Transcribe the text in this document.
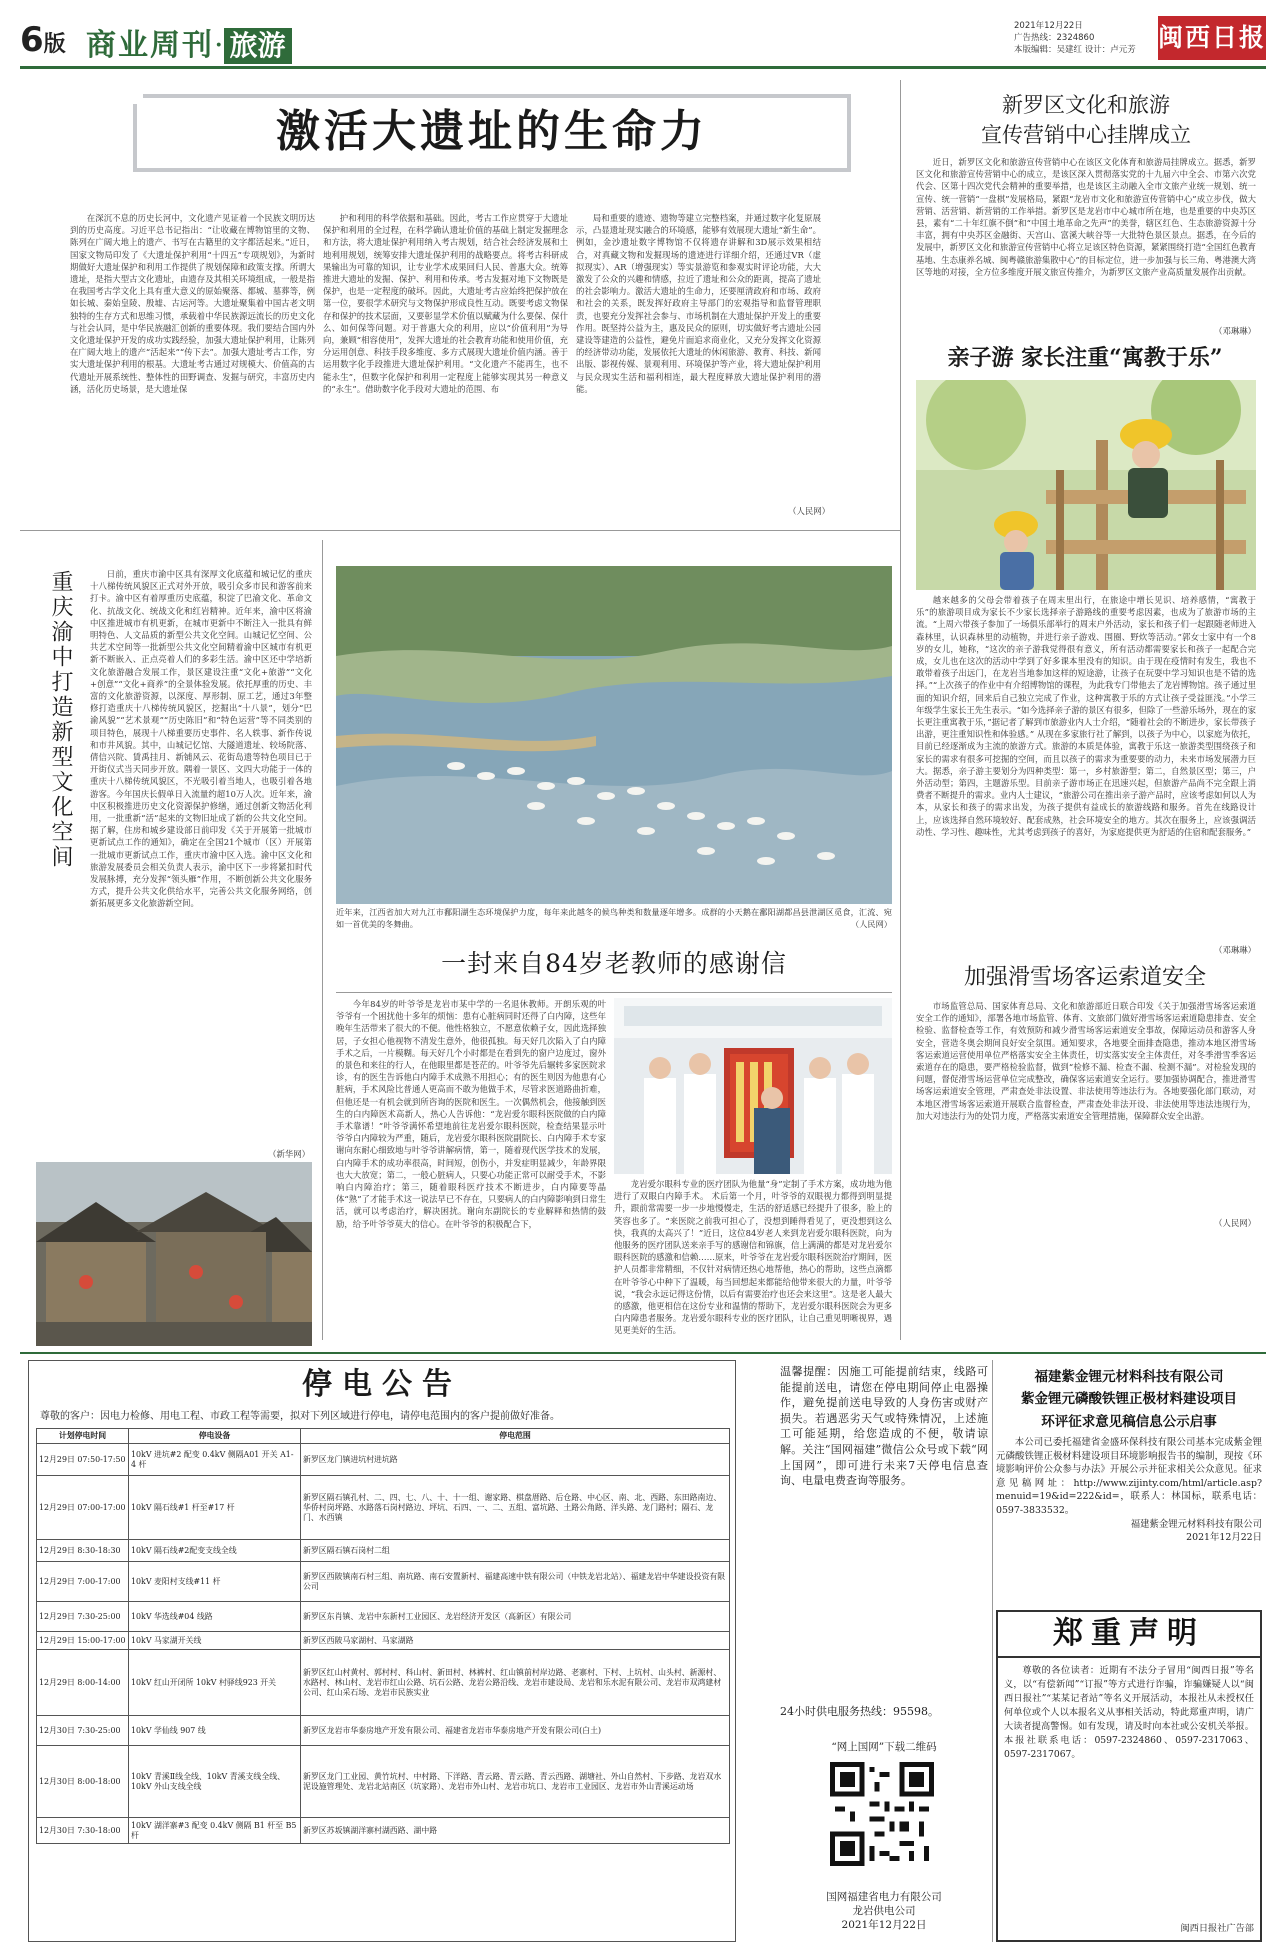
6版 商业周刊· 旅游
2021年12月22日
广告热线：2324860
本版编辑：吴建红 设计：卢元芳 闽西日报
激活大遗址的生命力

在深沉不息的历史长河中，文化遗产见证着一个民族文明历达到的历史高度。习近平总书记指出：“让收藏在博物馆里的文物、陈列在广阔大地上的遗产、书写在古籍里的文字都活起来。”近日，国家文物局印发了《大遗址保护利用“十四五”专项规划》，为新时期做好大遗址保护和利用工作提供了规划保障和政策支撑。所谓大遗址，是指大型古文化遗址，由遗存及其相关环境组成，一般是指在我国考古学文化上具有重大意义的原始聚落、都城、墓葬等，例如长城、秦始皇陵、殷墟、古运河等。大遗址聚集着中国古老文明独特的生存方式和思维习惯，承载着中华民族源远流长的历史文化与社会认同，是中华民族融汇创新的重要体现。我们要结合国内外文化遗址保护开发的成功实践经验，加强大遗址保护利用，让陈列在广阔大地上的遗产“活起来”“传下去”。加强大遗址考古工作，穷实大遗址保护利用的根基。大遗址考古通过对规模大、价值高的古代遗址开展系统性、整体性的田野调查、发掘与研究，丰富历史内涵，活化历史场景，是大遗址保

护和利用的科学依据和基础。因此，考古工作应贯穿于大遗址保护和利用的全过程，在科学确认遗址价值的基础上制定发掘理念和方法，将大遗址保护利用纳入考古规划，结合社会经济发展和土地利用规划，统筹安排大遗址保护利用的战略要点。将考古科研成果输出为可靠的知识，让专业学术成果回归人民、普惠大众。统筹推进大遗址的发掘、保护、利用和传承。考古发掘对地下文物既是保护，也是一定程度的破坏。因此，大遗址考古应始终把保护放在第一位，要很学术研究与文物保护形成良性互动。既要考虑文物保存和保护的技术层面，又要彰显学术价值以赋藏为什么要保、保什么、如何保等问题。对于普惠大众的利用，应以“价值利用”为导向，兼顾“相容使用”，发挥大遗址的社会教育功能和使用价值，充分运用创意、科技手段多维度、多方式展现大遗址价值内涵。善于运用数字化手段推进大遗址保护利用。“文化遗产不能再生，也不能永生”，但数字化保护和利用一定程度上能够实现其另一种意义的“永生”。借助数字化手段对大遗址的范围、布

局和重要的遗迹、遗物等建立完整档案，并通过数字化复原展示，凸显遗址现实融合的环境感，能够有效展现大遗址“新生命”。例如，金沙遗址数字博物馆不仅将遗存讲解和3D展示效果相结合，对真藏文物和发掘现场的遗迹进行详细介绍，还通过VR（虚拟现实）、AR（增强现实）等实景游览和参观实时评论功能，大大激发了公众的兴趣和情感，拉近了遗址和公众的距离，提高了遗址的社会影响力。激活大遗址的生命力，还要厘清政府和市场、政府和社会的关系，既发挥好政府主导部门的宏观指导和监督管理职责，也要充分发挥社会参与、市场机制在大遗址保护开发上的重要作用。既坚持公益为主，惠及民众的原则，切实做好考古遗址公园建设等建造的公益性，避免片面追求商业化，又充分发挥文化资源的经济带动功能，发展依托大遗址的休闲旅游、教育、科技、新闻出版、影视传媒、景观利用、环境保护等产业，将大遗址保护利用与民众现实生活和福利相连，最大程度释放大遗址保护利用的潜能。

（人民网）
新罗区文化和旅游
宣传营销中心挂牌成立

近日，新罗区文化和旅游宣传营销中心在该区文化体育和旅游局挂牌成立。据悉，新罗区文化和旅游宣传营销中心的成立，是该区深入贯彻落实党的十九届六中全会、市第六次党代会、区第十四次党代会精神的重要举措，也是该区主动融入全市文旅产业统一规划、统一宣传、统一营销“一盘棋”发展格局，紧跟“龙岩市文化和旅游宣传营销中心”成立步伐，做大营销、活营销、新营销的工作举措。新罗区是龙岩市中心城市所在地，也是重要的中央苏区县，素有“二十年红旗不倒”和“中国土地革命之先声”的美誉，辖区红色、生态旅游资源十分丰富，拥有中央苏区金融街、天宫山、富溪大峡谷等一大批特色景区景点。据悉，在今后的发展中，新罗区文化和旅游宣传营销中心将立足该区特色资源，紧紧围绕打造“全国红色教育基地、生态康养名城、闽粤赣旅游集散中心”的目标定位，进一步加强与长三角、粤港澳大湾区等地的对接，全方位多维度开展文旅宣传推介，为新罗区文旅产业高质量发展作出贡献。

（邓琳琳）
亲子游 家长注重“寓教于乐”

越来越多的父母会带着孩子在周末里出行，在旅途中增长见识、培养感情，“寓教于乐”的旅游项目成为家长不少家长选择亲子游路线的重要考虑因素，也成为了旅游市场的主流。“上周六带孩子参加了一场俱乐部举行的周末户外活动，家长和孩子们一起跟随老师进入森林里，认识森林里的动植物，并进行亲子游戏、围圈、野炊等活动。”郭女士家中有一个8岁的女儿，她称，“这次的亲子游我觉得很有意义，所有活动都需要家长和孩子一起配合完成，女儿也在这次的活动中学到了好多课本里没有的知识。由于现在疫情时有发生，我也不敢带着孩子出远门，在龙岩当地参加这样的短途游，让孩子在玩耍中学习知识也是不错的选择。”“上次孩子的作业中有介绍博物馆的课程，为此我专门带他去了龙岩博物馆。孩子通过里面的知识介绍，回来后自己独立完成了作业，这种寓教于乐的方式让孩子受益匪浅。”小学三年级学生家长王先生表示。“如今选择亲子游的景区有很多，但除了一些游乐场外，现在的家长更注重寓教于乐，”据记者了解到市旅游业内人士介绍，“随着社会的不断进步，家长带孩子出游，更注重知识性和体验感。” 从现在多家旅行社了解到，以孩子为中心，以家庭为依托，目前已经逐渐成为主流的旅游方式。旅游的本质是体验，寓教于乐这一旅游类型围绕孩子和家长的需求有很多可挖掘的空间，而且以孩子的需求为重要要的动力，未来市场发展潜力巨大。据悉，亲子游主要划分为四种类型：第一，乡村旅游型；第二，自然景区型；第三，户外活动型；第四，主题游乐型。目前亲子游市场正在迅速兴起，但旅游产品尚不完全跟上消费者不断提升的需求。业内人士建议，“旅游公司在推出亲子游产品时，应该考虑如何以人为本，从家长和孩子的需求出发，为孩子提供有益成长的旅游线路和服务。首先在线路设计上，应该选择自然环境较好、配套成熟，社会环境安全的地方。其次在服务上，应该强调活动性、学习性、趣味性，尤其考虑到孩子的喜好，为家庭提供更为舒适的住宿和配套服务。”

（邓琳琳）
加强滑雪场客运索道安全

市场监管总局、国家体育总局、文化和旅游部近日联合印发《关于加强滑雪场客运索道安全工作的通知》，部署各地市场监管、体育、文旅部门做好滑雪场客运索道隐患排查、安全检验、监督检查等工作，有效预防和减少滑雪场客运索道安全事故，保障运动员和游客人身安全，营造冬奥会期间良好安全氛围。通知要求，各地要全面排查隐患，推动本地区滑雪场客运索道运营使用单位严格落实安全主体责任，切实落实安全主体责任，对冬季滑雪季客运索道存在的隐患，要严格检验监督，做到“检修不漏、检查不漏、检测不漏”。对检验发现的问题，督促滑雪场运营单位完成整改，确保客运索道安全运行。要加强协调配合，推进滑雪场客运索道安全管理，严肃查处非法设置、非法使用等违法行为。各地要强化部门联动，对本地区滑雪场客运索道开展联合监督检查，严肃查处非法开设、非法使用等违法违规行为，加大对违法行为的处罚力度，严格落实索道安全管理措施，保障群众安全出游。

（人民网）
重庆渝中打造新型文化空间	日前，重庆市渝中区具有深厚文化底蕴和城记忆的重庆十八梯传统风貌区正式对外开放，吸引众多市民和游客前来打卡。渝中区有着厚重历史底蕴，积淀了巴渝文化、革命文化、抗战文化、统战文化和红岩精神。近年来，渝中区将渝中区推进城市有机更新，在城市更新中不断注入一批具有鲜明特色、人文品质的新型公共文化空间。山城记忆空间、公共艺术空间等一批新型公共文化空间精着渝中区城市有机更新不断嵌入、正点亮着人们的多彩生活。渝中区还中学培新文化旅游融合发展工作，景区建设注重“文化+旅游”“文化+创意”“文化+商养”的全景体验发展。依托厚重的历史、丰富的文化旅游资源，以深度、厚形制、原工艺，通过3年整修打造重庆十八梯传统风貌区，挖掘出“十八景”，划分“巴渝风貌”“艺术景观”“历史陈旧”和“特色运营”等不同类别的项目特色，展现十八梯重要历史事件、名人轶事、新作传说和市井风貌。其中，山城记忆馆、大隧道遗址、较场院落、倩信兴院、賃禹挂月、新铺风云、花街岛遗等特色项目已于开街仪式当天同步开放。隅着一景区、文四大功能于一体的重庆十八梯传统风貌区，不光吸引着当地人，也吸引着各地游客。今年国庆长假单日入流量约超10万人次。近年来，渝中区积极推进历史文化资源保护修缮，通过创新文物活化利用，一批重新“活”起来的文物旧址成了新的公共文化空间。据了解，住房和城乡建设部日前印发《关于开展第一批城市更新试点工作的通知》，确定在全国21个城市（区）开展第一批城市更新试点工作，重庆市渝中区入选。渝中区文化和旅游发展委员会相关负责人表示，渝中区下一步将紧扣时代发展脉搏，充分发挥“领头雁”作用，不断创新公共文化服务方式，提升公共文化供给水平，完善公共文化服务网络，创新拓展更多文化旅游新空间。

（新华网）
近年来，江西省加大对九江市鄱阳湖生态环境保护力度，每年来此越冬的候鸟种类和数量逐年增多。成群的小天鹅在鄱阳湖都昌县泄湖区觅食，汇流、宛如一首优美的冬舞曲。	（人民网）
一封来自84岁老教师的感谢信

今年84岁的叶爷爷是龙岩市某中学的一名退休教师。开朗乐观的叶爷爷有一个困扰他十多年的烦恼：患有心脏病同时还得了白内障，这些年晚年生活带来了很大的不便。他性格独立，不愿意依赖子女，因此选择独居，子女担心他视物不清发生意外，他很孤独。每天好几次陷入了白内障手术之后，一片模糊。每天好几个小时都是在看到先的窗户边度过，窗外的景色和来往的行人，在他眼里都是苍茫的。叶爷爷先后辗转多家医院求诊，有的医生告诉他白内障手术成熟不用担心；有的医生则因为他患有心脏病，手术风险比普通人更高而不敢为他做手术，尽管求医道路曲折难，但他还是一有机会就到所咨询的医院和医生。一次偶然机会，他接触到医生的白内障医术高新人，热心人告诉他：“龙岩爱尔眼科医院做的白内障手术靠谱！”叶爷爷满怀希望地前往龙岩爱尔眼科医院，检查结果显示叶爷爷白内障较为严重，随后，龙岩爱尔眼科医院副院长、白内障手术专家谢向东耐心细致地与叶爷爷讲解病情，第一，随着现代医学技术的发展，白内障手术的成功率很高，时间短，创伤小，并发症明显减少，年龄界限也大大放宽；第二，一般心脏病人，只要心功能正常可以耐受手术，不影响白内障治疗；第三，随着眼科医疗技术不断进步，白内障要等晶体“熟”了才能手术这一说法早已不存在，只要病人的白内障影响到日常生活，就可以考虑治疗，解决困扰。谢向东副院长的专业解释和热情的鼓励，给予叶爷爷莫大的信心。在叶爷爷的积极配合下，

龙岩爱尔眼科专业的医疗团队为他量“身”定制了手术方案，成功地为他进行了双眼白内障手术。 术后第一个月，叶爷爷的双眼视力都得到明显提升，跟前常需要一步一步地慢慢走，生活的舒适感已经提升了很多，脸上的笑容也多了。“来医院之前我可担心了，没想到睡得看见了，更没想到这么快，我真的太高兴了！”近日，这位84岁老人来到龙岩爱尔眼科医院，向为他服务的医疗团队送来亲手写的感谢信和锦旗，信上满满的都是对龙岩爱尔眼科医院的感激和信赖……原来，叶爷爷在龙岩爱尔眼科医院治疗期间，医护人员都非常精细，不仅针对病情还热心地帮他，热心的帮助，这些点滴都在叶爷爷心中种下了温暖，每当回想起来都能给他带来很大的力量，叶爷爷说，“我会永远记得这份情，以后有需要治疗也还会来这里”。这是老人最大的感激，他更相信在这份专业和温情的帮助下，龙岩爱尔眼科医院会为更多白内障患者服务。龙岩爱尔眼科专业的医疗团队，让自己重见明晰视界，遇见更美好的生活。

停电公告
尊敬的客户：因电力检修、用电工程、市政工程等需要，拟对下列区域进行停电，请停电范围内的客户提前做好准备。
计划停电时间	停电设备	停电范围
12月29日 07:50-17:50	10kV 进坑#2 配变 0.4kV 侧隔A01 开关 A1-4 杆	新罗区龙门镇进坑村进坑路
12月29日 07:00-17:00	10kV 隔石线#1 杆至#17 杆	新罗区隔石镇孔村、二、四、七、八、十、十一组、谢家路、棋盘厝路、后仓路、中心区、南、北、西路、东田路南边、华侨村岗坪路、水路落石岗村路边、坪坑、石四、一、二、五组、富坑路、土路公角路、洋头路、龙门路村；隔石、龙门、水西镇
12月29日 8:30-18:30	10kV 隔石线#2配变支线全线	新罗区隔石镇石岗村二组
12月29日 7:00-17:00	10kV 麦阳村支线#11 杆	新罗区西陂镇南石村三组、南坑路、南石安置新村、福建高速中铁有限公司（中铁龙岩北站）、福建龙岩中华建设投资有限公司
12月29日 7:30-25:00	10kV 华选线#04 线路	新罗区东肖镇、龙岩中东新村工业园区、龙岩经济开发区（高新区）有限公司
12月29日 15:00-17:00	10kV 马家湖开关线	新罗区西陂马家湖村、马家湖路
12月29日 8:00-14:00	10kV 红山开闭所 10kV 村驿线923 开关	新罗区红山村黄村、郭村村、科山村、新田村、林裤村、红山镇前村岸边路、老寨村、下村、上坑村、山头村、新源村、水路村、林山村、龙岩市红山公路、坑石公路、龙岩公路沿线、龙岩市建设局、龙岩和乐水泥有限公司、龙岩市双鸿建材公司、红山采石场、龙岩市民族实业
12月30日 7:30-25:00	10kV 学仙线 907 线	新罗区龙岩市华泰房地产开发有限公司、福建省龙岩市华泰房地产开发有限公司(白土)
12月30日 8:00-18:00	10kV 青溪Ⅱ线全线、10kV 青溪支线全线、10kV 外山支线全线	新罗区龙门工业园、黄竹坑村、中村路、下洋路、青云路、青云路、青云西路、湖塘社、外山自然村、下步路、龙岩双水泥设施管理处、龙岩北站南区（坑家路）、龙岩市外山村、龙岩市坑口、龙岩市工业园区、龙岩市外山青溪运动场
12月30日 7:30-18:00	10kV 湖洋寨#3 配变 0.4kV 侧隔 B1 杆至 B5 杆	新罗区苏坂镇湖洋寨村湖西路、湖中路
温馨提醒：因施工可能提前结束，线路可能提前送电，请您在停电期间停止电器操作，避免提前送电导致的人身伤害或财产损失。若遇恶劣天气或特殊情况，上述施工可能延期，给您造成的不便，敬请谅解。关注“国网福建”微信公众号或下载“网上国网”，即可进行未来7天停电信息查询、电量电费查询等服务。
24小时供电服务热线：95598。
“网上国网”下载二维码
国网福建省电力有限公司
龙岩供电公司
2021年12月22日
福建紫金锂元材料科技有限公司
紫金锂元磷酸铁锂正极材料建设项目
环评征求意见稿信息公示启事

本公司已委托福建省金盛环保科技有限公司基本完成紫金锂元磷酸铁锂正极材料建设项目环境影响报告书的编制，现按《环境影响评价公众参与办法》开展公示并征求相关公众意见。征求意见稿网址：http://www.zijinty.com/html/article.asp?menuid=19&id=222&id=，联系人：林国标，联系电话：0597-3833532。

福建紫金锂元材料科技有限公司
2021年12月22日
郑重声明

尊敬的各位读者：近期有不法分子冒用“闽西日报”等名义，以“有偿新闻”“订报”等方式进行诈骗，诈骗嫌疑人以“闽西日报社”“某某记者站”等名义开展活动，本报社从未授权任何单位或个人以本报名义从事相关活动，特此郑重声明，请广大读者提高警惕。如有发现，请及时向本社或公安机关举报。本报社联系电话：0597-2324860、0597-2317063、0597-2317067。

闽西日报社广告部
